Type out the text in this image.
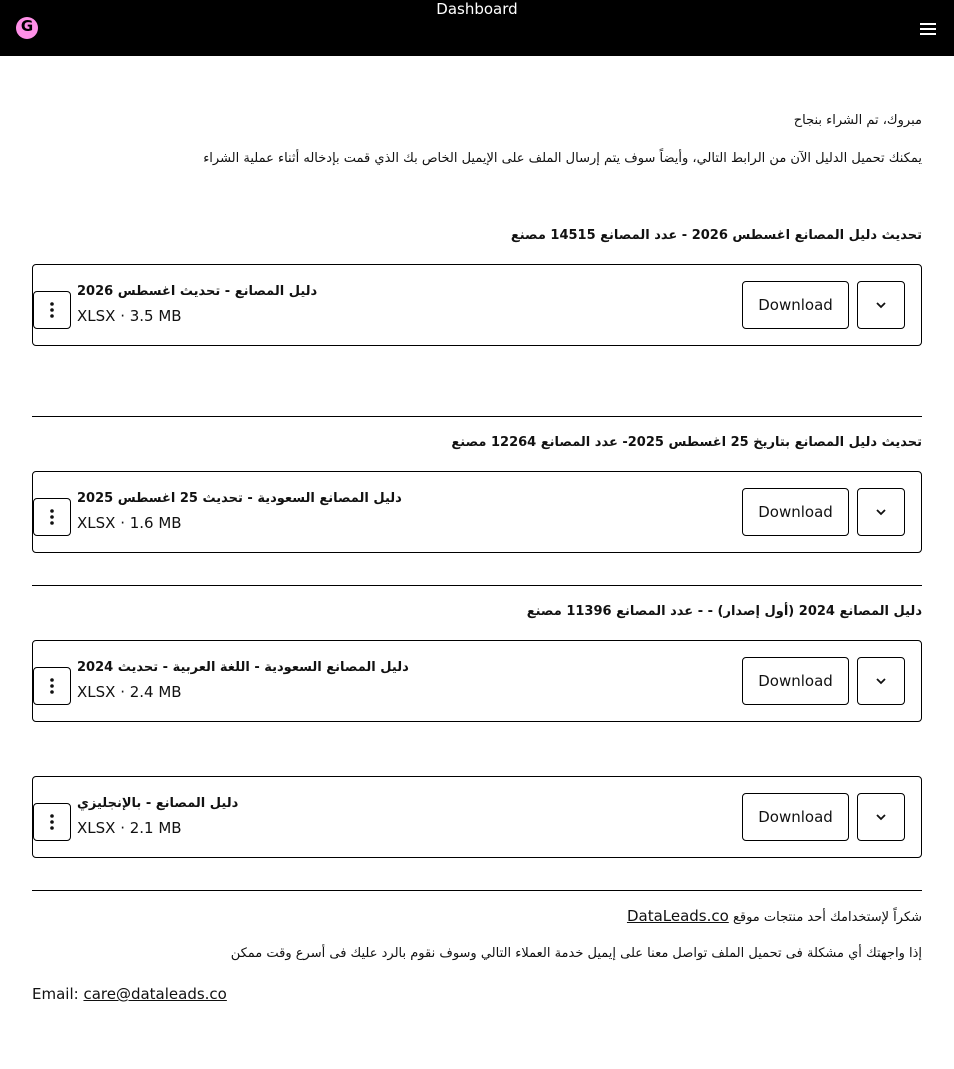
G
Dashboard
مبروك، تم الشراء بنجاح
يمكنك تحميل الدليل الآن من الرابط التالي، وأيضاً سوف يتم إرسال الملف على الإيميل الخاص بك الذي قمت بإدخاله أثناء عملية الشراء
تحديث دليل المصانع اغسطس 2026 - عدد المصانع 14515 مصنع
دليل المصانع - تحديث اغسطس 2026
XLSX · 3.5 MB
Download
تحديث دليل المصانع بتاريخ 25 اغسطس 2025- عدد المصانع 12264 مصنع
دليل المصانع السعودية - تحديث 25 اغسطس 2025
XLSX · 1.6 MB
Download
دليل المصانع 2024 (أول إصدار) - - عدد المصانع 11396 مصنع
دليل المصانع السعودية - اللغة العربية - تحديث 2024
XLSX · 2.4 MB
Download
دليل المصانع - بالإنجليزي
XLSX · 2.1 MB
Download
شكراً لإستخدامك أحد منتجات موقع DataLeads.co
إذا واجهتك أي مشكلة فى تحميل الملف تواصل معنا على إيميل خدمة العملاء التالي وسوف نقوم بالرد عليك فى أسرع وقت ممكن
Email: care@dataleads.co
